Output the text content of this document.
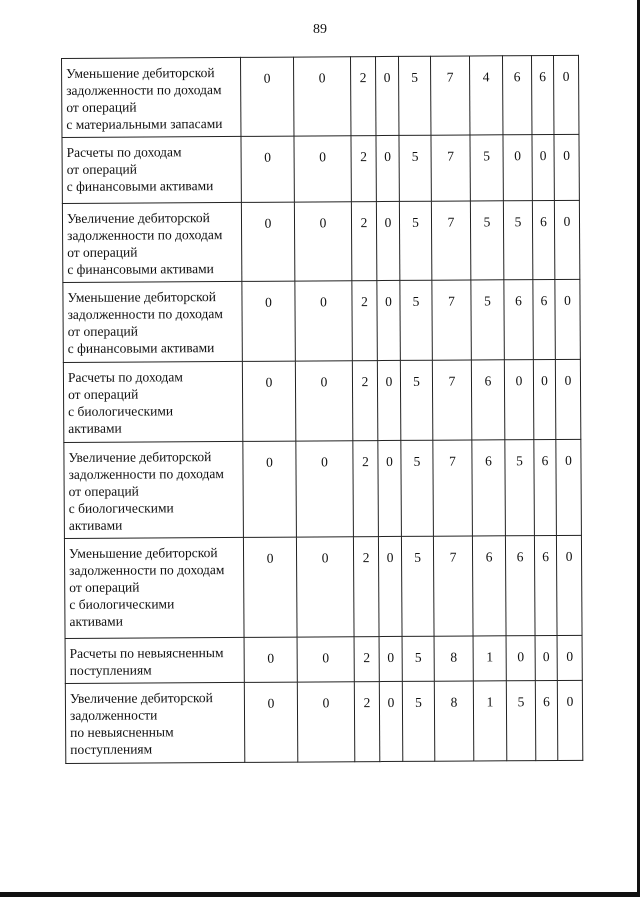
89
Уменьшение дебиторской
задолженности по доходам
от операций
с материальными запасами	0	0	2	0	5	7	4	6	6	0
Расчеты по доходам
от операций
с финансовыми активами	0	0	2	0	5	7	5	0	0	0
Увеличение дебиторской
задолженности по доходам
от операций
с финансовыми активами	0	0	2	0	5	7	5	5	6	0
Уменьшение дебиторской
задолженности по доходам
от операций
с финансовыми активами	0	0	2	0	5	7	5	6	6	0
Расчеты по доходам
от операций
с биологическими
активами	0	0	2	0	5	7	6	0	0	0
Увеличение дебиторской
задолженности по доходам
от операций
с биологическими
активами	0	0	2	0	5	7	6	5	6	0
Уменьшение дебиторской
задолженности по доходам
от операций
с биологическими
активами	0	0	2	0	5	7	6	6	6	0
Расчеты по невыясненным
поступлениям	0	0	2	0	5	8	1	0	0	0
Увеличение дебиторской
задолженности
по невыясненным
поступлениям	0	0	2	0	5	8	1	5	6	0
